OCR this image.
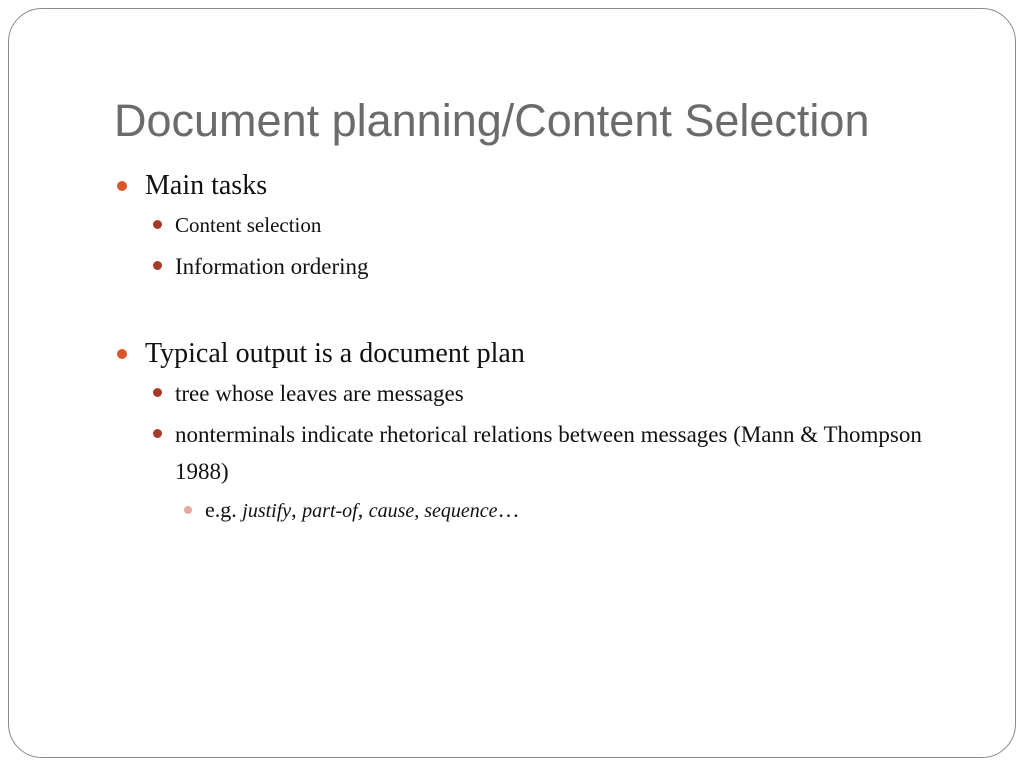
Document planning/Content Selection
Main tasks
Content selection
Information ordering
Typical output is a document plan
tree whose leaves are messages
nonterminals indicate rhetorical relations between messages (Mann & Thompson 1988)
e.g. justify, part-of, cause, sequence…
